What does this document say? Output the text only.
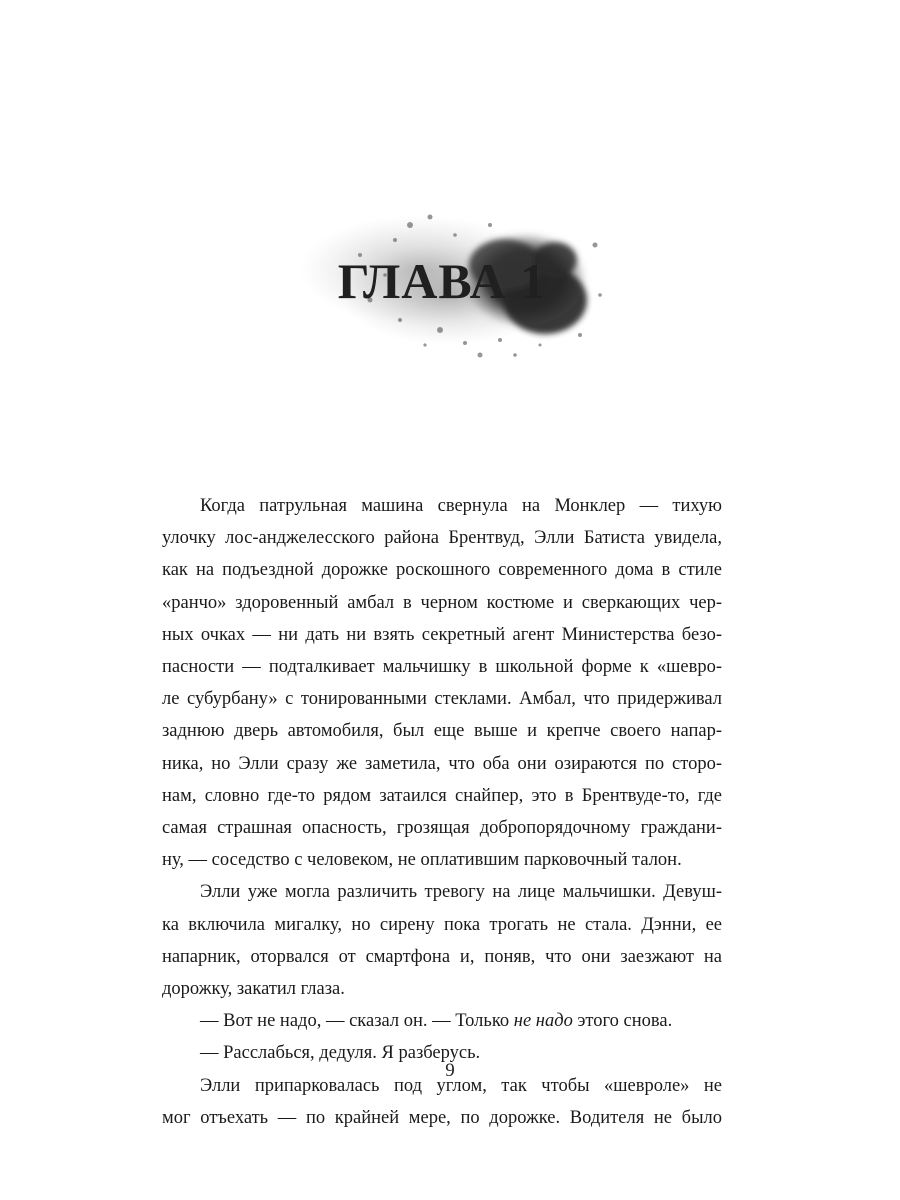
ГЛАВА 1

Когда патрульная машина свернула на Монклер — тихую
улочку лос-анджелесского района Брентвуд, Элли Батиста увидела,
как на подъездной дорожке роскошного современного дома в стиле
«ранчо» здоровенный амбал в черном костюме и сверкающих чер-
ных очках — ни дать ни взять секретный агент Министерства безо-
пасности — подталкивает мальчишку в школьной форме к «шевро-
ле субурбану» с тонированными стеклами. Амбал, что придерживал
заднюю дверь автомобиля, был еще выше и крепче своего напар-
ника, но Элли сразу же заметила, что оба они озираются по сторо-
нам, словно где-то рядом затаился снайпер, это в Брентвуде-то, где
самая страшная опасность, грозящая добропорядочному граждани-
ну, — соседство с человеком, не оплатившим парковочный талон.

Элли уже могла различить тревогу на лице мальчишки. Девуш-
ка включила мигалку, но сирену пока трогать не стала. Дэнни, ее
напарник, оторвался от смартфона и, поняв, что они заезжают на
дорожку, закатил глаза.

— Вот не надо, — сказал он. — Только не надо этого снова.

— Расслабься, дедуля. Я разберусь.

Элли припарковалась под углом, так чтобы «шевроле» не
мог отъехать — по крайней мере, по дорожке. Водителя не было

9
